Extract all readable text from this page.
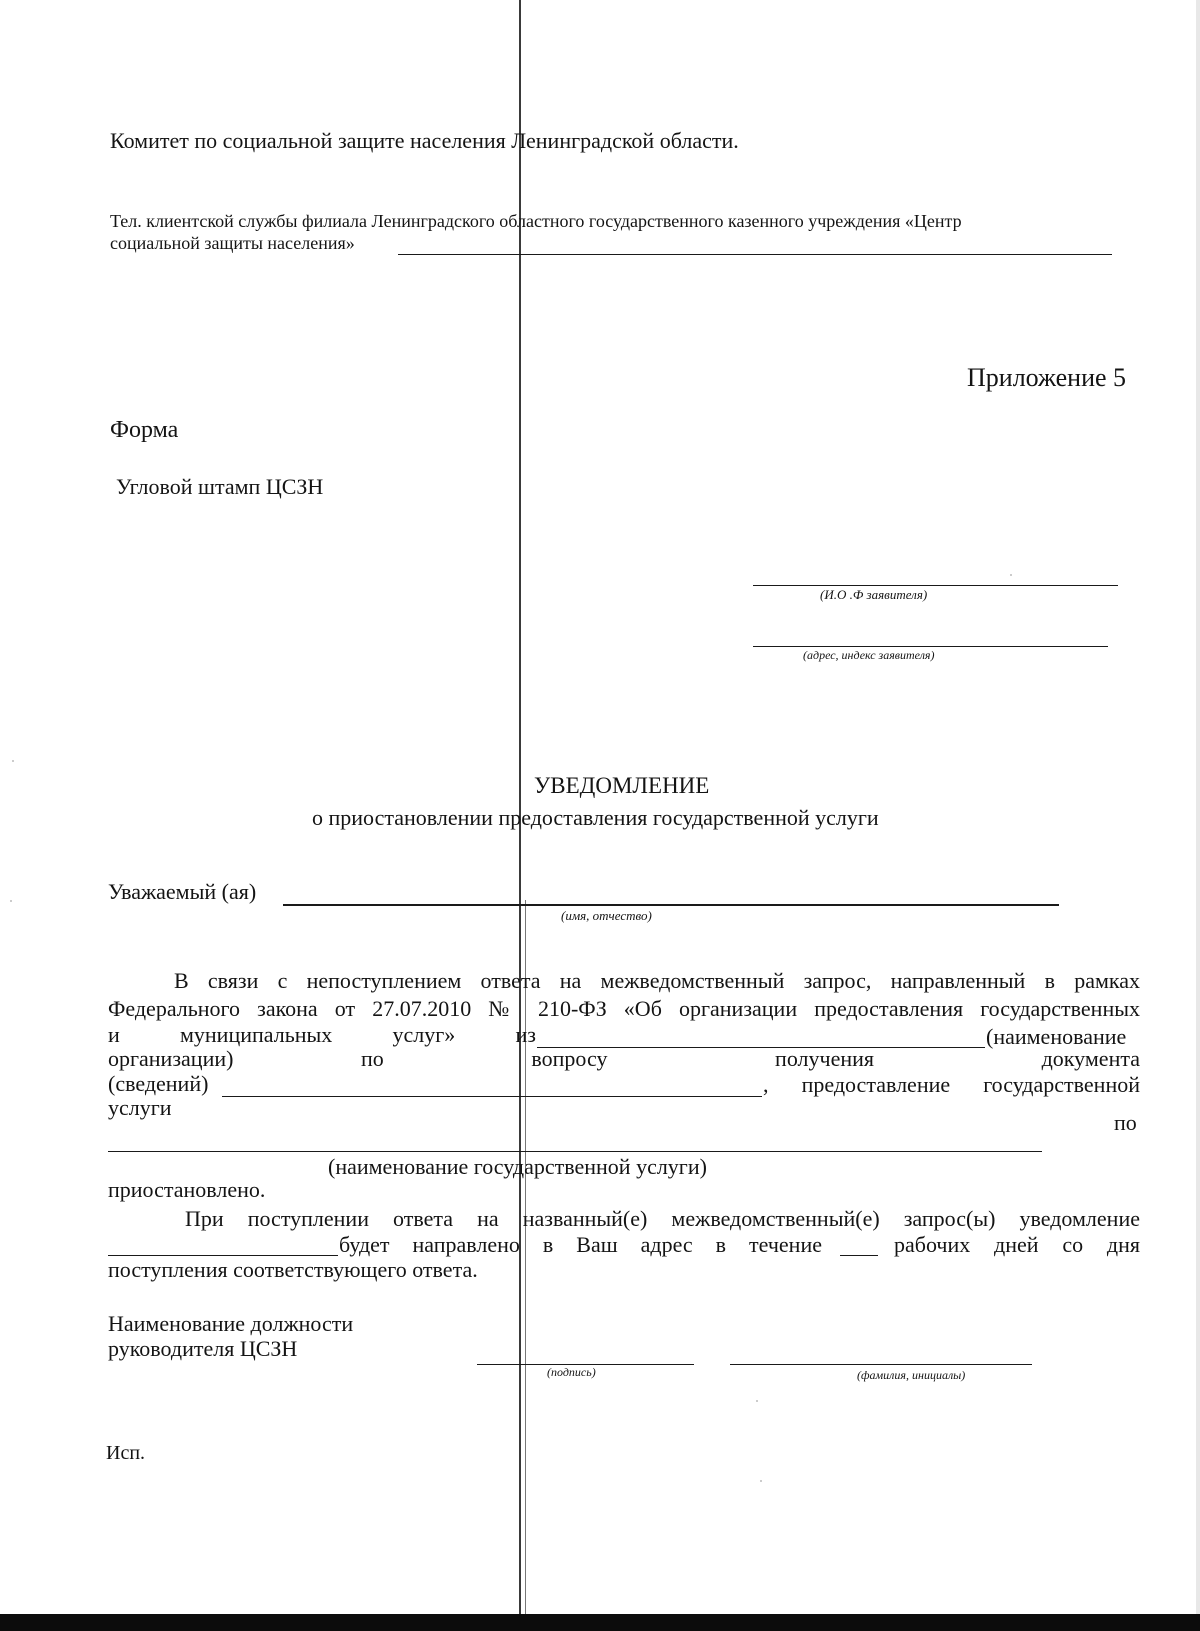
Комитет по социальной защите населения Ленинградской области.
Тел. клиентской службы филиала Ленинградского областного государственного казенного учреждения «Центр
социальной защиты населения»
Приложение 5
Форма
Угловой штамп ЦСЗН
(И.О .Ф заявителя)
(адрес, индекс заявителя)
УВЕДОМЛЕНИЕ
о приостановлении предоставления государственной услуги
Уважаемый (ая)
(имя, отчество)
В связи с непоступлением ответа на межведомственный запрос, направленный в рамках
Федерального закона от 27.07.2010 № 210-ФЗ «Об организации предоставления государственных
и	муниципальных	услуг»	из	(наименование
организации)	по	вопросу	получения	документа
(сведений)	, предоставление государственной
услуги
по
(наименование государственной услуги)
приостановлено.
При поступлении ответа на названный(е) межведомственный(е) запрос(ы) уведомление
будет направлено в Ваш адрес в течение	рабочих дней со дня
поступления соответствующего ответа.
Наименование должности
руководителя ЦСЗН
(подпись)	(фамилия, инициалы)
Исп.
